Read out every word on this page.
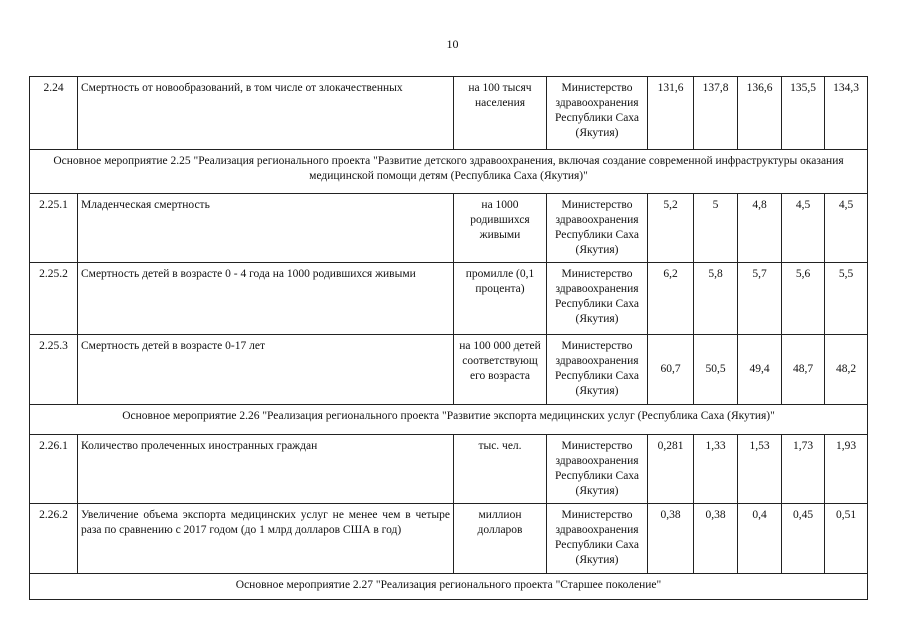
10
2.24	Смертность от новообразований, в том числе от злокачественных	на 100 тысяч населения	Министерство здравоохранения Республики Саха (Якутия)	131,6	137,8	136,6	135,5	134,3
Основное мероприятие 2.25 "Реализация регионального проекта "Развитие детского здравоохранения, включая создание современной инфраструктуры оказания медицинской помощи детям (Республика Саха (Якутия)"								
2.25.1	Младенческая смертность	на 1000 родившихся живыми	Министерство здравоохранения Республики Саха (Якутия)	5,2	5	4,8	4,5	4,5
2.25.2	Смертность детей в возрасте 0 - 4 года на 1000 родившихся живыми	промилле (0,1 процента)	Министерство здравоохранения Республики Саха (Якутия)	6,2	5,8	5,7	5,6	5,5
2.25.3	Смертность детей в возрасте 0-17 лет	на 100 000 детей соответствующ его возраста	Министерство здравоохранения Республики Саха (Якутия)	60,7	50,5	49,4	48,7	48,2
Основное мероприятие 2.26 "Реализация регионального проекта "Развитие экспорта медицинских услуг (Республика Саха (Якутия)"								
2.26.1	Количество пролеченных иностранных граждан	тыс. чел.	Министерство здравоохранения Республики Саха (Якутия)	0,281	1,33	1,53	1,73	1,93
2.26.2	Увеличение объема экспорта медицинских услуг не менее чем в четыре раза по сравнению с 2017 годом (до 1 млрд долларов США в год)	миллион долларов	Министерство здравоохранения Республики Саха (Якутия)	0,38	0,38	0,4	0,45	0,51
Основное мероприятие 2.27 "Реализация регионального проекта "Старшее поколение"								
